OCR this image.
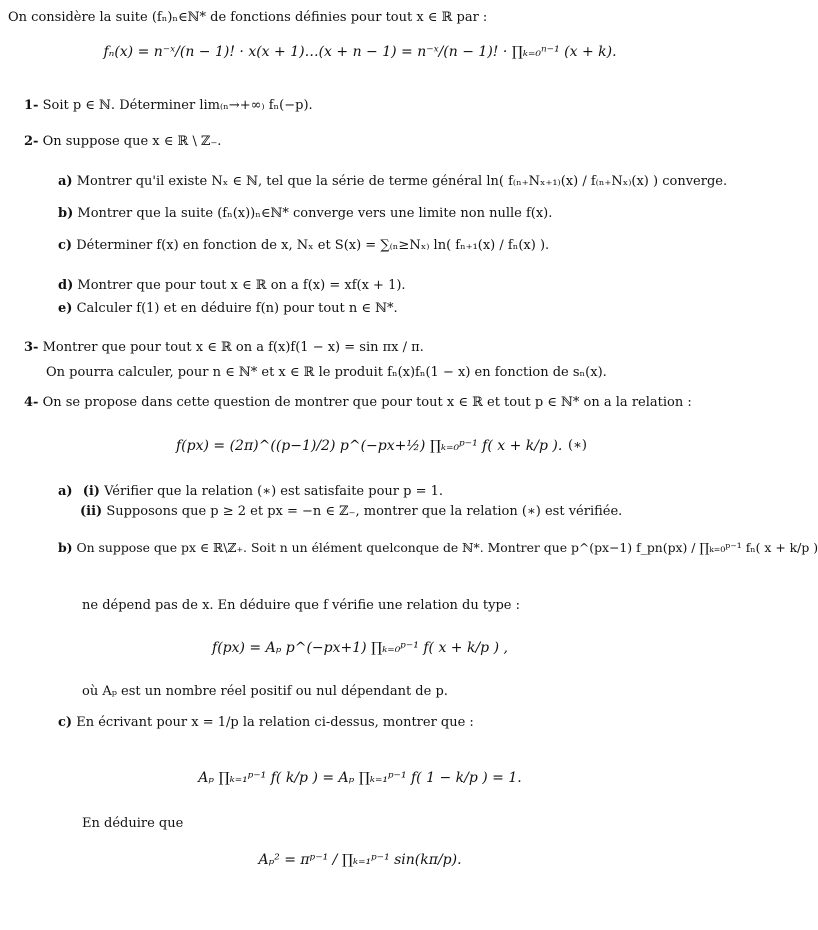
On considère la suite (fₙ)ₙ∈ℕ* de fonctions définies pour tout x ∈ ℝ par :
fₙ(x) = n⁻ˣ/(n − 1)! · x(x + 1)…(x + n − 1) = n⁻ˣ/(n − 1)! · ∏ₖ₌₀ⁿ⁻¹ (x + k).
1- Soit p ∈ ℕ. Déterminer lim₍ₙ→+∞₎ fₙ(−p).
2- On suppose que x ∈ ℝ \ ℤ₋.
a) Montrer qu'il existe Nₓ ∈ ℕ, tel que la série de terme général ln( f₍ₙ₊Nₓ₊₁₎(x) / f₍ₙ₊Nₓ₎(x) ) converge.
b) Montrer que la suite (fₙ(x))ₙ∈ℕ* converge vers une limite non nulle f(x).
c) Déterminer f(x) en fonction de x, Nₓ et S(x) = ∑₍ₙ≥Nₓ₎ ln( fₙ₊₁(x) / fₙ(x) ).
d) Montrer que pour tout x ∈ ℝ on a f(x) = xf(x + 1).
e) Calculer f(1) et en déduire f(n) pour tout n ∈ ℕ*.
3- Montrer que pour tout x ∈ ℝ on a f(x)f(1 − x) = sin πx / π.
On pourra calculer, pour n ∈ ℕ* et x ∈ ℝ le produit fₙ(x)fₙ(1 − x) en fonction de sₙ(x).
4- On se propose dans cette question de montrer que pour tout x ∈ ℝ et tout p ∈ ℕ* on a la relation :
f(px) = (2π)^((p−1)/2) p^(−px+½) ∏ₖ₌₀ᵖ⁻¹ f( x + k/p ). (∗)
a) (i) Vérifier que la relation (∗) est satisfaite pour p = 1.
(ii) Supposons que p ≥ 2 et px = −n ∈ ℤ₋, montrer que la relation (∗) est vérifiée.
b) On suppose que px ∈ ℝ\ℤ₊. Soit n un élément quelconque de ℕ*. Montrer que p^(px−1) f_pn(px) / ∏ₖ₌₀ᵖ⁻¹ fₙ( x + k/p )
ne dépend pas de x. En déduire que f vérifie une relation du type :
f(px) = Aₚ p^(−px+1) ∏ₖ₌₀ᵖ⁻¹ f( x + k/p ) ,
où Aₚ est un nombre réel positif ou nul dépendant de p.
c) En écrivant pour x = 1/p la relation ci-dessus, montrer que :
Aₚ ∏ₖ₌₁ᵖ⁻¹ f( k/p ) = Aₚ ∏ₖ₌₁ᵖ⁻¹ f( 1 − k/p ) = 1.
En déduire que
Aₚ² = πᵖ⁻¹ / ∏ₖ₌₁ᵖ⁻¹ sin(kπ/p).
